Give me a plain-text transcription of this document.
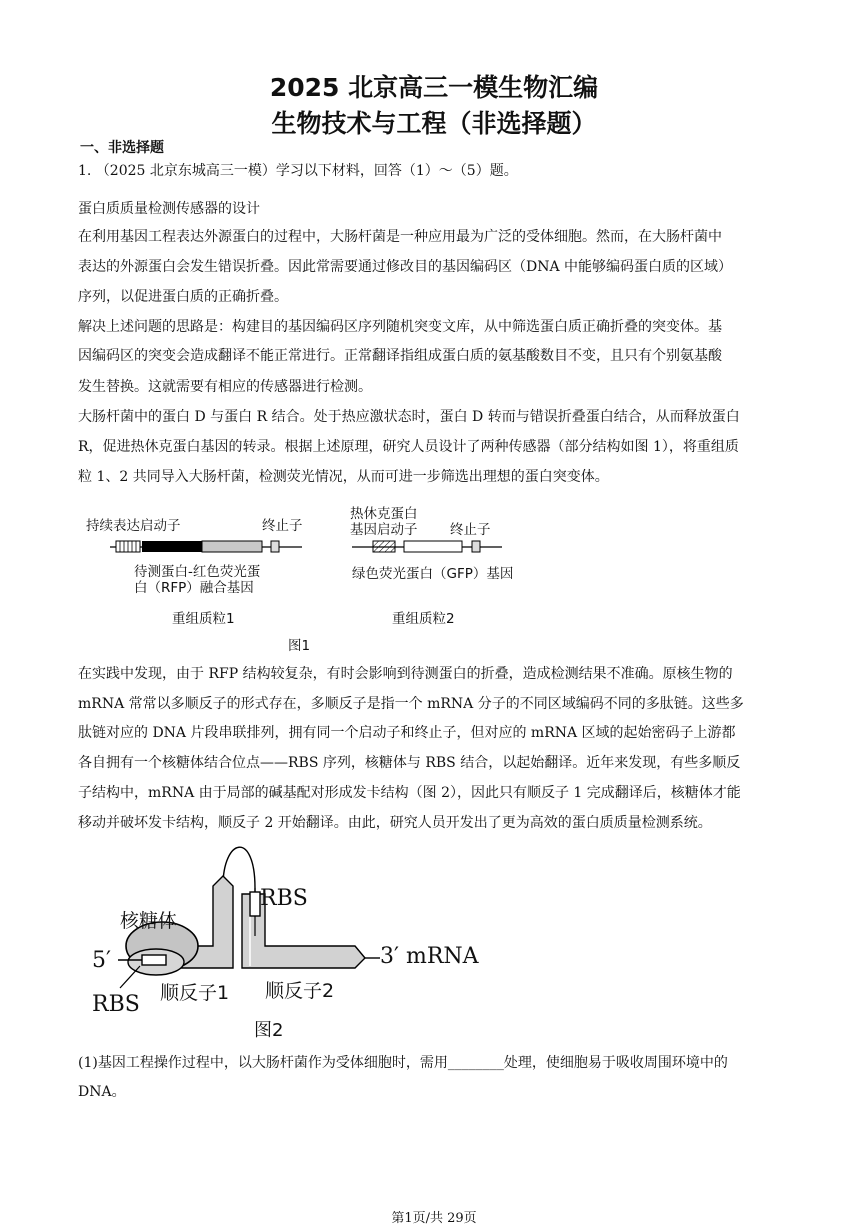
2025 北京高三一模生物汇编
生物技术与工程（非选择题）
一、非选择题
1. （2025 北京东城高三一模）学习以下材料，回答（1）～（5）题。
蛋白质质量检测传感器的设计
在利用基因工程表达外源蛋白的过程中，大肠杆菌是一种应用最为广泛的受体细胞。然而，在大肠杆菌中
表达的外源蛋白会发生错误折叠。因此常需要通过修改目的基因编码区（DNA 中能够编码蛋白质的区域）
序列，以促进蛋白质的正确折叠。
解决上述问题的思路是：构建目的基因编码区序列随机突变文库，从中筛选蛋白质正确折叠的突变体。基
因编码区的突变会造成翻译不能正常进行。正常翻译指组成蛋白质的氨基酸数目不变，且只有个别氨基酸
发生替换。这就需要有相应的传感器进行检测。
大肠杆菌中的蛋白 D 与蛋白 R 结合。处于热应激状态时，蛋白 D 转而与错误折叠蛋白结合，从而释放蛋白
R，促进热休克蛋白基因的转录。根据上述原理，研究人员设计了两种传感器（部分结构如图 1），将重组质
粒 1、2 共同导入大肠杆菌，检测荧光情况，从而可进一步筛选出理想的蛋白突变体。
持续表达启动子	终止子
待测蛋白-红色荧光蛋
白（RFP）融合基因
热休克蛋白
基因启动子 终止子
绿色荧光蛋白（GFP）基因
重组质粒1	重组质粒2
图1
在实践中发现，由于 RFP 结构较复杂，有时会影响到待测蛋白的折叠，造成检测结果不准确。原核生物的
mRNA 常常以多顺反子的形式存在，多顺反子是指一个 mRNA 分子的不同区域编码不同的多肽链。这些多
肽链对应的 DNA 片段串联排列，拥有同一个启动子和终止子，但对应的 mRNA 区域的起始密码子上游都
各自拥有一个核糖体结合位点——RBS 序列，核糖体与 RBS 结合，以起始翻译。近年来发现，有些多顺反
子结构中，mRNA 由于局部的碱基配对形成发卡结构（图 2），因此只有顺反子 1 完成翻译后，核糖体才能
移动并破坏发卡结构，顺反子 2 开始翻译。由此，研究人员开发出了更为高效的蛋白质质量检测系统。
核糖体
RBS
5′	3′ mRNA
RBS 顺反子1 顺反子2
图2
(1)基因工程操作过程中，以大肠杆菌作为受体细胞时，需用________处理，使细胞易于吸收周围环境中的
DNA。
第1页/共 29页
